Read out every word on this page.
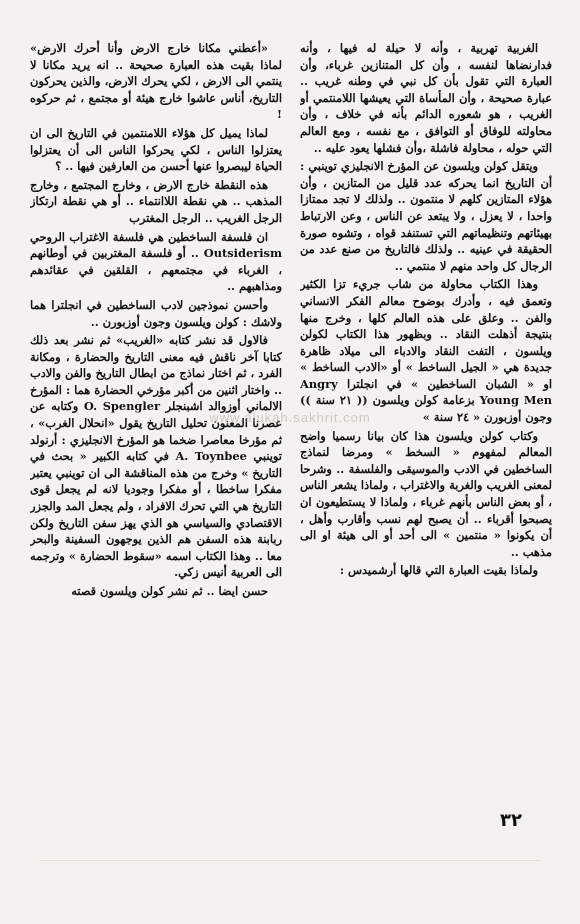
الغربية تهربية ، وأنه لا حيلة له فيها ، وأنه فدارنضاها لنفسه ، وأن كل المتنازين غرباء، وأن العبارة التي تقول بأن كل نبي في وطنه غريب .. عبارة صحيحة ، وأن المأساة التي يعيشها اللامنتمي أو الغريب ، هو شعوره الدائم بأنه في خلاف ، وأن محاولته للوفاق أو التوافق ، مع نفسه ، ومع العالم التي حوله ، محاولة فاشلة ،وأن فشلها يعود عليه ..

ويتقل كولن ويلسون عن المؤرخ الانجليزي توينبي : أن التاريخ انما يحركه عدد قليل من المتازين ، وأن هؤلاء المتازين كلهم لا منتمون .. ولذلك لا تجد ممتازا واحدا ، لا يعزل ، ولا يبتعد عن الناس ، وعن الارتباط بهيئاتهم وتنظيماتهم التي تستنفد قواه ، وتشوه صورة الحقيقة في عينيه .. ولذلك فالتاريخ من صنع عدد من الرجال كل واحد منهم لا منتمي ..

وهذا الكتاب محاولة من شاب جريء تزا الكثير وتعمق فيه ، وأدرك بوضوح معالم الفكر الانساني والفن .. وعلق على هذه العالم كلها ، وخرج منها بنتيجة أذهلت النقاد .. وبظهور هذا الكتاب لكولن ويلسون ، التفت النقاد والادباء الى ميلاد ظاهرة جديدة هي « الجيل الساخط » أو «الادب الساخط » او « الشبان الساخطين » في انجلترا Angry Young Men بزعامة كولن ويلسون (( ٢١ سنة )) وجون أوزبورن « ٢٤ سنة »

وكتاب كولن ويلسون هذا كان بيانا رسميا واضح المعالم لمفهوم « السخط » ومرضا لنماذج الساخطين في الادب والموسيقى والفلسفة .. وشرحا لمعنى الغريب والغربة والاغتراب ، ولماذا يشعر الناس ، أو بعض الناس بأنهم غرباء ، ولماذا لا يستطيعون ان يصبحوا أقرباء .. أن يصبح لهم نسب وأقارب وأهل ، أن يكونوا « منتمين » الى أحد أو الى هيئة او الى مذهب ..

ولماذا بقيت العبارة التي قالها أرشميدس :

«أعطني مكانا خارج الارض وأنا أحرك الارض» لماذا بقيت هذه العبارة صحيحة .. انه يريد مكانا لا ينتمي الى الارض ، لكي يحرك الارض، والذين يحركون التاريخ، أناس عاشوا خارج هيئة أو مجتمع ، ثم حركوه !

لماذا يميل كل هؤلاء اللامنتمين في التاريخ الى ان يعتزلوا الناس ، لكي يحركوا الناس الى أن يعتزلوا الحياة ليبصروا عنها أحسن من العارفين فيها .. ؟

هذه النقطة خارج الارض ، وخارج المجتمع ، وخارج المذهب .. هي نقطة اللاانتماء .. أو هي نقطة ارتكاز الرجل الغريب .. الرجل المغترب

ان فلسفة الساخطين هي فلسفة الاغتراب الروحي Outsiderism .. أو فلسفة المغتربين في أوطانهم ، الغرباء في مجتمعهم ، القلقين في عقائدهم ومذاهبهم ..

وأحسن نموذجين لادب الساخطين في انجلترا هما ولاشك : كولن ويلسون وجون أوزبورن ..

فالاول قد نشر كتابه «الغريب» ثم نشر بعد ذلك كتابا آخر ناقش فيه معنى التاريخ والحضارة ، ومكانة الفرد ، ثم اختار نماذج من ابطال التاريخ والفن والادب .. واختار اثنين من أكبر مؤرخي الحضارة هما : المؤرخ الالماني أوزوالد اشبنجلر O. Spengler وكتابه عن عصرنا المعنون تحليل التاريخ يقول «انحلال الغرب» ، ثم مؤرخا معاصرا ضخما هو المؤرخ الانجليزي : أرنولد توينبي A. Toynbee في كتابه الكبير « بحث في التاريخ » وخرج من هذه المناقشة الى ان توينبي يعتبر مفكرا ساخطا ، أو مفكرا وجوديا لانه لم يجعل قوى التاريخ هي التي تحرك الافراد ، ولم يجعل المد والجزر الاقتصادي والسياسي هو الذي يهز سفن التاريخ ولكن ربابنة هذه السفن هم الذين يوجهون السفينة والبحر معا .. وهذا الكتاب اسمه «سقوط الحضارة » وترجمه الى العربية أنيس زكي.

حسن ايضا .. ثم نشر كولن ويلسون قصته

www.alukah.sakhrit.com
٣٢
